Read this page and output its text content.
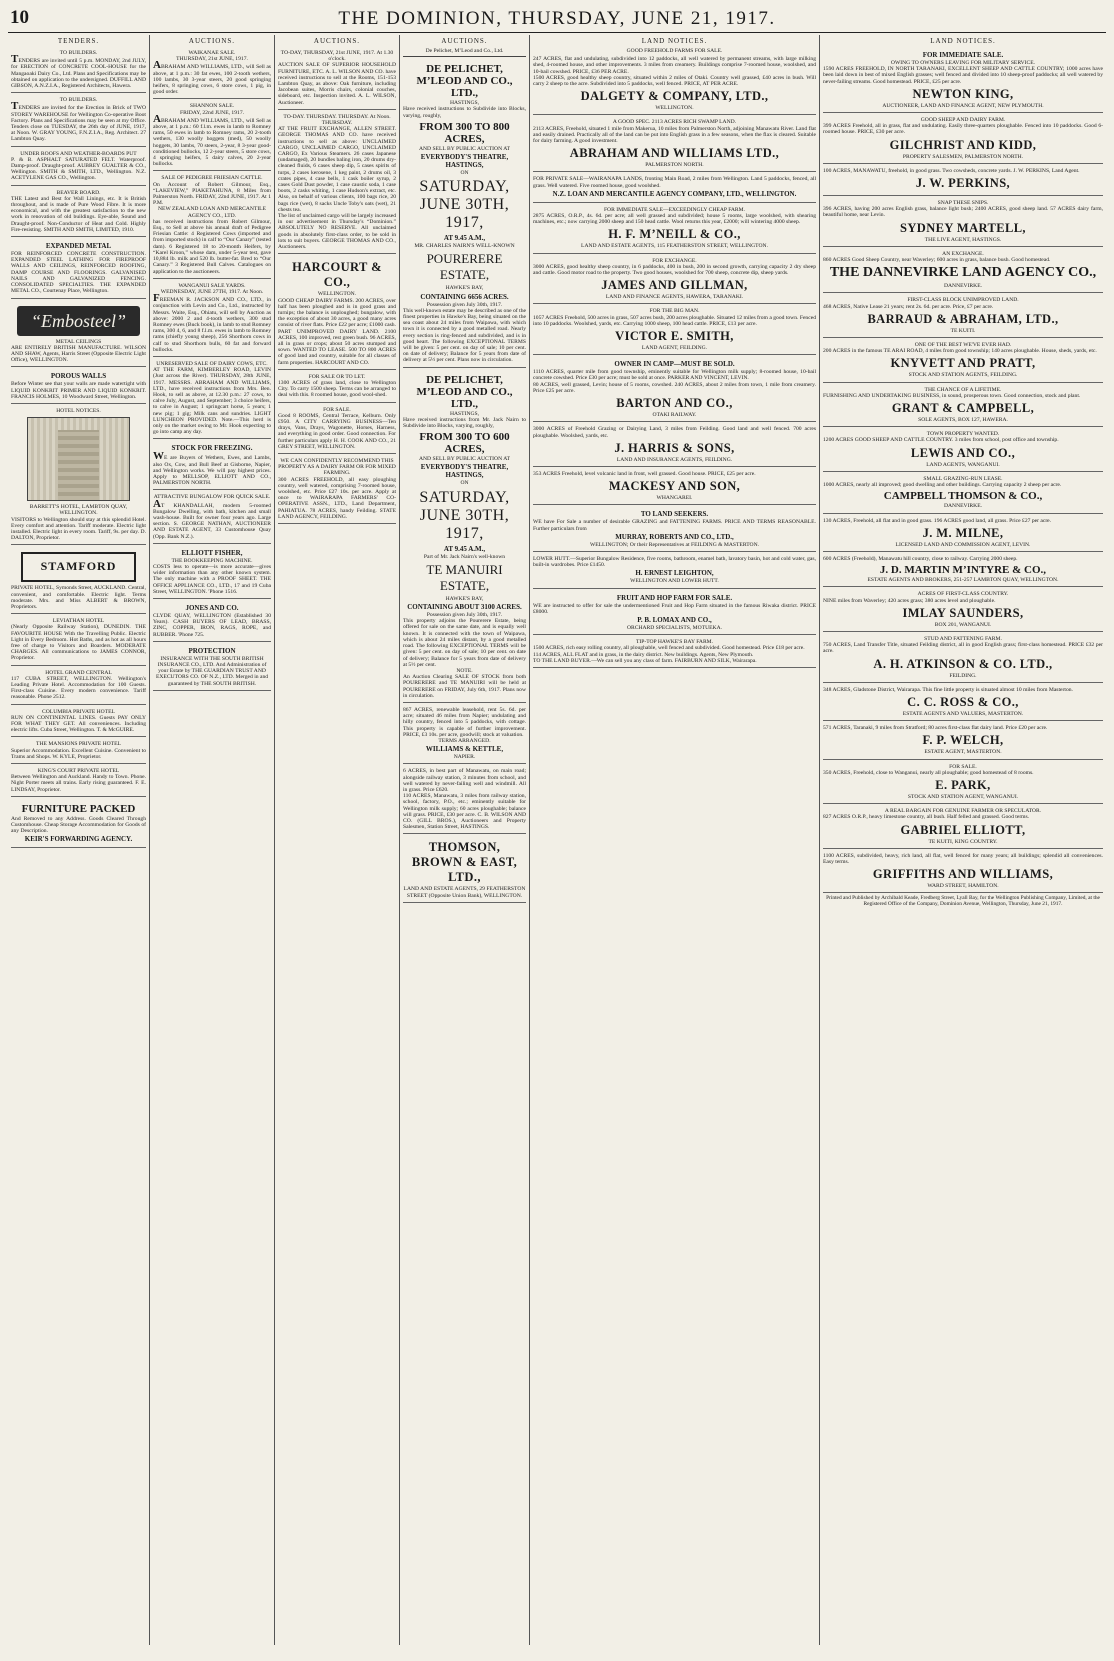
10	THE DOMINION, THURSDAY, JUNE 21, 1917.
TENDERS.
TO BUILDERS.

TENDERS are invited until 5 p.m. MONDAY, 2nd JULY, for ERECTION of CONCRETE COOL-HOUSE for the Mangaoaki Dairy Co., Ltd. Plans and Specifications may be obtained on application to the undersigned. DUFFILL AND GIBSON, A.N.Z.I.A., Registered Architects, Hawera.

TO BUILDERS.

TENDERS are invited for the Erection in Brick of TWO STOREY WAREHOUSE for Wellington Co-operative Boot Factory. Plans and Specifications may be seen at my Office. Tenders close on TUESDAY, the 26th day of JUNE, 1917, at Noon. W. GRAY YOUNG, F.N.Z.I.A., Reg. Architect. 27 Lambton Quay.

UNDER ROOFS AND WEATHER-BOARDS PUT

P. & B. ASPHALT SATURATED FELT. Waterproof. Damp-proof. Draught-proof. AUBREY GUALTER & CO., Wellington. SMITH & SMITH, LTD., Wellington. N.Z. ACETYLENE GAS CO., Wellington.

BEAVER BOARD.

THE Latest and Best for Wall Linings, etc. It is British throughout, and is made of Pure Wood Fibre. It is more economical, and with the greatest satisfaction to the new work in renovation of old buildings. Eye-able, Sound and Draught-proof. Non-Conductor of Heat and Cold. Highly Fire-resisting. SMITH AND SMITH, LIMITED, 1910.

EXPANDED METAL

FOR REINFORCED CONCRETE CONSTRUCTION. EXPANDED STEEL LATHING FOR FIREPROOF WALLS AND CEILINGS, REINFORCED ROOFING, DAMP COURSE AND FLOORINGS. GALVANISED NAILS AND GALVANIZED FENCING. CONSOLIDATED SPECIALTIES. THE EXPANDED METAL CO., Courtenay Place, Wellington.

“Embosteel”
METAL CEILINGS

ARE ENTIRELY BRITISH MANUFACTURE. WILSON AND SHAW, Agents, Harris Street (Opposite Electric Light Office), WELLINGTON.

POROUS WALLS

Before Winter see that your walls are made watertight with LIQUID KONKRIT PRIMER AND LIQUID KONKRIT. FRANCIS HOLMES, 10 Woodward Street, Wellington.

HOTEL NOTICES.
BARRETT'S HOTEL, LAMBTON QUAY, WELLINGTON.

VISITORS to Wellington should stay at this splendid Hotel. Every comfort and attention. Tariff moderate. Electric light installed. Electric light in every room. Tariff, 9s. per day. D. DALTON, Proprietor.

STAMFORD

PRIVATE HOTEL, Symonds Street, AUCKLAND. Central, convenient, and comfortable. Electric light. Terms moderate. Mrs. and Miss ALBERT & BROWN, Proprietors.

LEVIATHAN HOTEL

(Nearly Opposite Railway Station), DUNEDIN. THE FAVOURITE HOUSE With the Travelling Public. Electric Light in Every Bedroom. Hot Baths, and as hot as all hours free of charge to Visitors and Boarders. MODERATE CHARGES. All communications to JAMES CONNOR, Proprietor.

HOTEL GRAND CENTRAL

117 CUBA STREET, WELLINGTON. Wellington's Leading Private Hotel. Accommodation for 100 Guests. First-class Cuisine. Every modern convenience. Tariff reasonable. Phone 2512.

COLUMBIA PRIVATE HOTEL

RUN ON CONTINENTAL LINES. Guests PAY ONLY FOR WHAT THEY GET. All conveniences. Including electric lifts. Cuba Street, Wellington. T. & McGUIRE.

THE MANSIONS PRIVATE HOTEL

Superior Accommodation. Excellent Cuisine. Convenient to Trams and Shops. W. KYLE, Proprietor.

KING'S COURT PRIVATE HOTEL

Between Wellington and Auckland. Handy to Town. Phone. Night Porter meets all trains. Early rising guaranteed. F. E. LINDSAY, Proprietor.

FURNITURE PACKED

And Removed to any Address. Goods Cleared Through Customhouse. Cheap Storage Accommodation for Goods of any Description.

KEIR'S FORWARDING AGENCY.
AUCTIONS.
WAIKANAE SALE.
THURSDAY, 21st JUNE, 1917.

ABRAHAM AND WILLIAMS, LTD., will Sell as above, at 1 p.m.: 30 fat ewes, 100 2-tooth wethers, 100 lambs, 30 3-year steers, 20 good springing heifers, 8 springing cows, 6 store cows, 1 pig, in good order.

SHANNON SALE.
FRIDAY, 22nd JUNE, 1917.

ABRAHAM AND WILLIAMS, LTD., will Sell as above, at 1 p.m.: 60 f.l.m. ewes in lamb to Romney rams, 50 ewes in lamb to Romney rams, 20 2-tooth wethers, 130 woolly hoggets (med), 50 woolly hoggets, 30 lambs, 70 steers, 2-year, 8 3-year good-conditioned bullocks, 12 2-year steers, 5 store cows, 4 springing heifers, 5 dairy calves, 20 2-year bullocks.

SALE OF PEDIGREE FRIESIAN CATTLE.

On Account of Robert Gilmour, Esq., “LAKEVIEW,” PIAKETAHUNA, 8 Miles from Palmerston North. FRIDAY, 22nd JUNE, 1917. At 1 P.M.

NEW ZEALAND LOAN AND MERCANTILE AGENCY CO., LTD.

has received instructions from Robert Gilmour, Esq., to Sell at above his annual draft of Pedigree Friesian Cattle: 4 Registered Cows (imported and from imported stock) in calf to “Our Canary” (tested dam). 6 Registered 18 to 20-month Heifers, by “Karel Kroon,” whose dam, under 5-year test, gave 10,884 lb. milk and 520 lb. butter-fat. Bred to “Our Canary.” 3 Registered Bull Calves. Catalogues on application to the auctioneers.

WANGANUI SALE YARDS.
WEDNESDAY, JUNE 27TH, 1917. At Noon.

FREEMAN R. JACKSON AND CO., LTD., in conjunction with Levin and Co., Ltd., instructed by Messrs. Waite, Esq., Ohiatu, will sell by Auction as above: 2000 2 and 4-tooth wethers, 300 stud Romney ewes (Buck book), in lamb to stud Romney rams, 300 4, 6, and 8 f.l.m. ewes in lamb to Romney rams (chiefly young sheep), 256 Shorthorn cows in calf to stud Shorthorn bulls, 60 fat and forward bullocks.

UNRESERVED SALE OF DAIRY COWS, ETC.

AT THE FARM, KIMBERLEY ROAD, LEVIN (Just across the River). THURSDAY, 28th JUNE, 1917. MESSRS. ABRAHAM AND WILLIAMS, LTD., have received instructions from Mrs. Ben. Hook, to sell as above, at 12.30 p.m.: 27 cows, to calve July, August, and September; 3 choice heifers, to calve in August; 1 springcart horse, 5 years; 1 new pig; 1 gig; Milk cans and sundries. LIGHT LUNCHEON PROVIDED. Note.—This herd is only on the market owing to Mr. Hook expecting to go into camp any day.

STOCK FOR FREEZING.

WE are Buyers of Wethers, Ewes, and Lambs, also Ox, Cow, and Bull Beef at Gisborne, Napier, and Wellington works. We will pay highest prices. Apply to MELLSOP, ELLIOTT AND CO., PALMERSTON NORTH.

ATTRACTIVE BUNGALOW FOR QUICK SALE.

AT KHANDALLAH, modern 5-roomed Bungalow Dwelling, with bath, kitchen and small wash-house. Built for owner four years ago. Large section. S. GEORGE NATHAN, AUCTIONEER AND ESTATE AGENT, 33 Customhouse Quay (Opp. Bank N.Z.).

ELLIOTT FISHER,
THE BOOKKEEPING MACHINE.

COSTS less to operate—is more accurate—gives wider information than any other known system. The only machine with a PROOF SHEET. THE OFFICE APPLIANCE CO., LTD., 17 and 19 Cuba Street, WELLINGTON. 'Phone 1516.

JONES AND CO.

CLYDE QUAY, WELLINGTON (Established 30 Years). CASH BUYERS OF LEAD, BRASS, ZINC, COPPER, IRON, RAGS, ROPE, and RUBBER. 'Phone 725.

PROTECTION

INSURANCE WITH THE SOUTH BRITISH INSURANCE CO., LTD. And Administration of your Estate by THE GUARDIAN TRUST AND EXECUTORS CO. OF N.Z., LTD. Merged in and guaranteed by THE SOUTH BRITISH.

AUCTIONS.
TO-DAY, THURSDAY, 21st JUNE, 1917. At 1.30 o'clock.

AUCTION SALE OF SUPERIOR HOUSEHOLD FURNITURE, ETC. A. L. WILSON AND CO. have received instructions to sell at the Rooms, 151-153 Lambton Quay, as above: Oak furniture, including Jacobean suites, Morris chairs, colonial couches, sideboard, etc. Inspection invited. A. L. WILSON, Auctioneer.

TO-DAY. THURSDAY. THURSDAY. At Noon. THURSDAY.

AT THE FRUIT EXCHANGE, ALLEN STREET. GEORGE THOMAS AND CO. have received instructions to sell as above: UNCLAIMED CARGO, UNCLAIMED CARGO, UNCLAIMED CARGO, Ex Various Steamers. 26 cases Japanese (undamaged), 20 bundles baling iron, 20 drums dry-cleaned fluids, 6 cases sheep dip, 5 cases spirits of turps, 2 cases kerosene, 1 keg paint, 2 drums oil, 3 crates pipes, 4 case bells, 1 cask boiler syrup, 2 cases Gold Dust powder, 1 case caustic soda, 1 case boots, 2 casks whiting, 1 case Hudson's extract, etc. Also, on behalf of various clients, 100 bags rice, 20 bags rice (wet), 8 sacks Uncle Toby's oats (wet), 21 chests tea.

The list of unclaimed cargo will be largely increased in our advertisement in Thursday's “Dominion.” ABSOLUTELY NO RESERVE. All unclaimed goods in absolutely first-class order, to be sold in lots to suit buyers. GEORGE THOMAS AND CO., Auctioneers.

HARCOURT & CO.,
WELLINGTON.

GOOD CHEAP DAIRY FARMS. 200 ACRES, over half has been ploughed and is in good grass and turnips; the balance is unploughed; bungalow, with the exception of about 30 acres, a good many acres consist of river flats. Price £22 per acre; £1000 cash. PART UNIMPROVED DAIRY LAND. 2100 ACRES, 100 improved, rest green bush. 96 ACRES, all in grass or crops; about 50 acres stumped and sown. WANTED TO LEASE. 500 TO 800 ACRES of good land and country, suitable for all classes of farm properties. HARCOURT AND CO.

FOR SALE OR TO LET.

1300 ACRES of grass land, close to Wellington City. To carry 1500 sheep. Terms can be arranged to deal with this. 8 roomed house, good wool-shed.

FOR SALE.

Good 8 ROOMS, Central Terrace, Kelburn. Only £950. A CITY CARRYING BUSINESS—Ten drays, Vans, Drays, Wagonette, Horses, Harness, and everything in good order. Good connection. For further particulars apply H. H. COOK AND CO., 21 GREY STREET, WELLINGTON.

WE CAN CONFIDENTLY RECOMMEND THIS PROPERTY AS A DAIRY FARM OR FOR MIXED FARMING.

300 ACRES FREEHOLD, all easy ploughing country, well watered, comprising 7-roomed house, woolshed, etc. Price £27 10s. per acre. Apply at once to WAIRARAPA FARMERS' CO-OPERATIVE ASSN., LTD., Land Department, PAHIATUA. 78 ACRES, handy Feilding. STATE LAND AGENCY, FEILDING.

AUCTIONS.
De Pelichet, M’Leod and Co., Ltd.
DE PELICHET, M’LEOD AND CO., LTD.,
HASTINGS,

Have received instructions to Subdivide into Blocks, varying, roughly,

FROM 300 TO 800 ACRES,
AND SELL BY PUBLIC AUCTION AT
EVERYBODY'S THEATRE, HASTINGS,
ON
SATURDAY, JUNE 30TH, 1917,
AT 9.45 A.M.,
MR. CHARLES NAIRN'S WELL-KNOWN
POURERERE ESTATE,
HAWKE'S BAY,
CONTAINING 6656 ACRES.
Possession given July 30th, 1917.

This well-known estate may be described as one of the finest properties in Hawke's Bay, being situated on the sea coast about 24 miles from Waipawa, with which town it is connected by a good metalled road. Nearly every section is ring-fenced and subdivided, and is in good heart. The following EXCEPTIONAL TERMS will be given: 5 per cent. on day of sale; 10 per cent. on date of delivery; Balance for 5 years from date of delivery at 5½ per cent. Plans now in circulation.

DE PELICHET, M’LEOD AND CO., LTD.,
HASTINGS,

Have received instructions from Mr. Jack Nairn to Subdivide into Blocks, varying, roughly,

FROM 300 TO 600 ACRES,
AND SELL BY PUBLIC AUCTION AT
EVERYBODY'S THEATRE, HASTINGS,
ON
SATURDAY, JUNE 30TH, 1917,
AT 9.45 A.M.,
Part of Mr. Jack Nairn's well-known
TE MANUIRI ESTATE,
HAWKE'S BAY,
CONTAINING ABOUT 3100 ACRES.
Possession given July 30th, 1917.

This property adjoins the Pourerere Estate, being offered for sale on the same date, and is equally well known. It is connected with the town of Waipawa, which is about 24 miles distant, by a good metalled road. The following EXCEPTIONAL TERMS will be given: 5 per cent. on day of sale; 10 per cent. on date of delivery; Balance for 5 years from date of delivery at 5½ per cent.

NOTE.

An Auction Clearing SALE OF STOCK from both POURERERE and TE MANUIRI will be held at POURERERE on FRIDAY, July 6th, 1917. Plans now in circulation.

867 ACRES, renewable leasehold, rent 5s. 6d. per acre; situated 46 miles from Napier; undulating and hilly country, fenced into 5 paddocks, with cottage. This property is capable of further improvement. PRICE, £3 10s. per acre, goodwill; stock at valuation.

TERMS ARRANGED.
WILLIAMS & KETTLE,
NAPIER.

6 ACRES, in best part of Manawatu, on main road; alongside railway station, 3 minutes from school, and well watered by never-failing well and windmill. All in grass. Price £620.

110 ACRES, Manawatu, 3 miles from railway station, school, factory, P.O., etc.; eminently suitable for Wellington milk supply; 60 acres ploughable; balance will grass. PRICE, £30 per acre. C. B. WILSON AND CO. (GILL BROS.), Auctioneers and Property Salesmen, Station Street, HASTINGS.

THOMSON, BROWN & EAST, LTD.,

LAND AND ESTATE AGENTS, 29 FEATHERSTON STREET (Opposite Union Bank), WELLINGTON.

LAND NOTICES.
GOOD FREEHOLD FARMS FOR SALE.

247 ACRES, flat and undulating, subdivided into 12 paddocks, all well watered by permanent streams, with large milking shed, 4-roomed house, and other improvements. 3 miles from creamery. Buildings comprise 7-roomed house, woolshed, and 10-bail cowshed. PRICE, £36 PER ACRE.

1500 ACRES, good healthy sheep country, situated within 2 miles of Otaki. Country well grassed, £40 acres in bush. Will carry 2 sheep to the acre. Subdivided into 5 paddocks, well fenced. PRICE, AT PER ACRE.

DALGETY & COMPANY, LTD.,
WELLINGTON.
A GOOD SPEC. 2113 ACRES RICH SWAMP LAND.

2113 ACRES, Freehold, situated 1 mile from Makerua, 10 miles from Palmerston North, adjoining Manawatu River. Land flat and easily drained. Practically all of the land can be put into English grass in a few seasons, when the flax is cleared. Suitable for dairy farming. A good investment.

ABRAHAM AND WILLIAMS LTD.,
PALMERSTON NORTH.

FOR PRIVATE SALE—WAIRANAPA LANDS, fronting Main Road, 2 miles from Wellington. Land 5 paddocks, fenced, all grass. Well watered. Five roomed house, good woolshed.

N.Z. LOAN AND MERCANTILE AGENCY COMPANY, LTD., WELLINGTON.
FOR IMMEDIATE SALE—EXCEEDINGLY CHEAP FARM.

2875 ACRES, O.R.P., 4s. 6d. per acre; all well grassed and subdivided; house 5 rooms, large woolshed, with shearing machines, etc.; now carrying 2000 sheep and 150 head cattle. Wool returns this year, £2000; will wintering 4000 sheep.

H. F. M’NEILL & CO.,
LAND AND ESTATE AGENTS, 115 FEATHERSTON STREET, WELLINGTON.
FOR EXCHANGE.

3000 ACRES, good healthy sheep country, in 6 paddocks, 400 in bush, 200 in second growth, carrying capacity 2 dry sheep and cattle. Good motor road to the property. Two good houses, woolshed for 700 sheep, concrete dip, sheep yards.

JAMES AND GILLMAN,
LAND AND FINANCE AGENTS, HAWERA, TARANAKI.
FOR THE BIG MAN.

1057 ACRES Freehold, 500 acres in grass, 507 acres bush, 200 acres ploughable. Situated 12 miles from a good town. Fenced into 10 paddocks. Woolshed, yards, etc. Carrying 1000 sheep, 100 head cattle. PRICE, £13 per acre.

VICTOR E. SMITH,
LAND AGENT, FEILDING.
OWNER IN CAMP—MUST BE SOLD.

1110 ACRES, quarter mile from good township, eminently suitable for Wellington milk supply; 8-roomed house, 10-bail concrete cowshed. Price £30 per acre; must be sold at once. PARKER AND VINCENT, LEVIN.

80 ACRES, well grassed, Levin; house of 5 rooms, cowshed. 240 ACRES, about 2 miles from town, 1 mile from creamery. Price £25 per acre.

BARTON AND CO.,
OTAKI RAILWAY.

3000 ACRES of Freehold Grazing or Dairying Land, 3 miles from Feilding. Good land and well fenced. 700 acres ploughable. Woolshed, yards, etc.

J. HARRIS & SONS,
LAND AND INSURANCE AGENTS, FEILDING.

353 ACRES Freehold, level volcanic land in front, well grassed. Good house. PRICE, £25 per acre.

MACKESY AND SON,
WHANGAREI.
TO LAND SEEKERS.

WE have For Sale a number of desirable GRAZING and FATTENING FARMS. PRICE AND TERMS REASONABLE. Further particulars from

MURRAY, ROBERTS AND CO., LTD.,
WELLINGTON; Or their Representatives at FEILDING & MASTERTON.

LOWER HUTT.—Superior Bungalow Residence, five rooms, bathroom, enamel bath, lavatory basin, hot and cold water, gas, built-in wardrobes. Price £1450.

H. ERNEST LEIGHTON,
WELLINGTON AND LOWER HUTT.
FRUIT AND HOP FARM FOR SALE.

WE are instructed to offer for sale the undermentioned Fruit and Hop Farm situated in the famous Riwaka district. PRICE £8000.

P. B. LOMAX AND CO.,
ORCHARD SPECIALISTS, MOTUEKA.
TIP-TOP HAWKE'S BAY FARM.

1500 ACRES, rich easy rolling country, all ploughable, well fenced and subdivided. Good homestead. Price £18 per acre.

114 ACRES, ALL FLAT and in grass, in the dairy district. New buildings. Agents, New Plymouth.

TO THE LAND BUYER.—We can sell you any class of farm. FAIRBURN AND SILK, Wairarapa.

LAND NOTICES.
FOR IMMEDIATE SALE.
OWING TO OWNERS LEAVING FOR MILITARY SERVICE.

1590 ACRES FREEHOLD, IN NORTH TARANAKI, EXCELLENT SHEEP AND CATTLE COUNTRY; 1000 acres have been laid down in best of mixed English grasses; well fenced and divided into 10 sheep-proof paddocks; all well watered by never-failing streams. Good homestead. PRICE, £25 per acre.

NEWTON KING,
AUCTIONEER, LAND AND FINANCE AGENT, NEW PLYMOUTH.
GOOD SHEEP AND DAIRY FARM.

399 ACRES Freehold, all in grass, flat and undulating. Easily three-quarters ploughable. Fenced into 10 paddocks. Good 6-roomed house. PRICE, £30 per acre.

GILCHRIST AND KIDD,
PROPERTY SALESMEN, PALMERSTON NORTH.

100 ACRES, MANAWATU, freehold, in good grass. Two cowsheds, concrete yards. J. W. PERKINS, Land Agent.

J. W. PERKINS,
SNAP THESE SNIPS.

396 ACRES, having 200 acres English grass, balance light bush; 2400 ACRES, good sheep land. 57 ACRES dairy farm, beautiful home, near Levin.

SYDNEY MARTELL,
THE LIVE AGENT, HASTINGS.
AN EXCHANGE.

860 ACRES Good Sheep Country, near Waverley; 600 acres in grass, balance bush. Good homestead.

THE DANNEVIRKE LAND AGENCY CO.,
DANNEVIRKE.
FIRST-CLASS BLOCK UNIMPROVED LAND.

468 ACRES, Native Lease 21 years; rent 2s. 6d. per acre. Price, £7 per acre.

BARRAUD & ABRAHAM, LTD.,
TE KUITI.
ONE OF THE BEST WE'VE EVER HAD.

200 ACRES in the famous TE ARAI ROAD, 4 miles from good township; 140 acres ploughable. House, sheds, yards, etc.

KNYVETT AND PRATT,
STOCK AND STATION AGENTS, FEILDING.
THE CHANCE OF A LIFETIME.

FURNISHING AND UNDERTAKING BUSINESS, in sound, prosperous town. Good connection, stock and plant.

GRANT & CAMPBELL,
SOLE AGENTS, BOX 127, HAWERA.
TOWN PROPERTY WANTED.

1200 ACRES GOOD SHEEP AND CATTLE COUNTRY. 3 miles from school, post office and township.

LEWIS AND CO.,
LAND AGENTS, WANGANUI.
SMALL GRAZING-RUN LEASE.

1000 ACRES, nearly all improved; good dwelling and other buildings. Carrying capacity 2 sheep per acre.

CAMPBELL THOMSON & CO.,
DANNEVIRKE.

130 ACRES, Freehold, all flat and in good grass. 196 ACRES good land, all grass. Price £27 per acre.

J. M. MILNE,
LICENSED LAND AND COMMISSION AGENT, LEVIN.

600 ACRES (Freehold), Manawatu hill country, close to railway. Carrying 2000 sheep.

J. D. MARTIN M’INTYRE & CO.,
ESTATE AGENTS AND BROKERS, 251-257 LAMBTON QUAY, WELLINGTON.
ACRES OF FIRST-CLASS COUNTRY.

NINE miles from Waverley; 420 acres grass; 380 acres level and ploughable.

IMLAY SAUNDERS,
BOX 201, WANGANUI.
STUD AND FATTENING FARM.

750 ACRES, Land Transfer Title, situated Feilding district, all in good English grass; first-class homestead. PRICE £32 per acre.

A. H. ATKINSON & CO. LTD.,
FEILDING.

348 ACRES, Gladstone District, Wairarapa. This fine little property is situated almost 10 miles from Masterton.

C. C. ROSS & CO.,
ESTATE AGENTS AND VALUERS, MASTERTON.

571 ACRES, Taranaki, 9 miles from Stratford; 80 acres first-class flat dairy land. Price £20 per acre.

F. P. WELCH,
ESTATE AGENT, MASTERTON.
FOR SALE.

350 ACRES, Freehold, close to Wanganui, nearly all ploughable; good homestead of 8 rooms.

E. PARK,
STOCK AND STATION AGENT, WANGANUI.
A REAL BARGAIN FOR GENUINE FARMER OR SPECULATOR.

827 ACRES O.R.P., heavy limestone country, all bush. Half felled and grassed. Good terms.

GABRIEL ELLIOTT,
TE KUITI, KING COUNTRY.

1100 ACRES, subdivided, heavy, rich land, all flat, well fenced for many years; all buildings; splendid all conveniences. Easy terms.

GRIFFITHS AND WILLIAMS,
WARD STREET, HAMILTON.
Printed and Published by Archibald Keade, Fredberg Street, Lyall Bay, for the Wellington Publishing Company, Limited, at the Registered Office of the Company, Dominion Avenue, Wellington, Thursday, June 21, 1917.
